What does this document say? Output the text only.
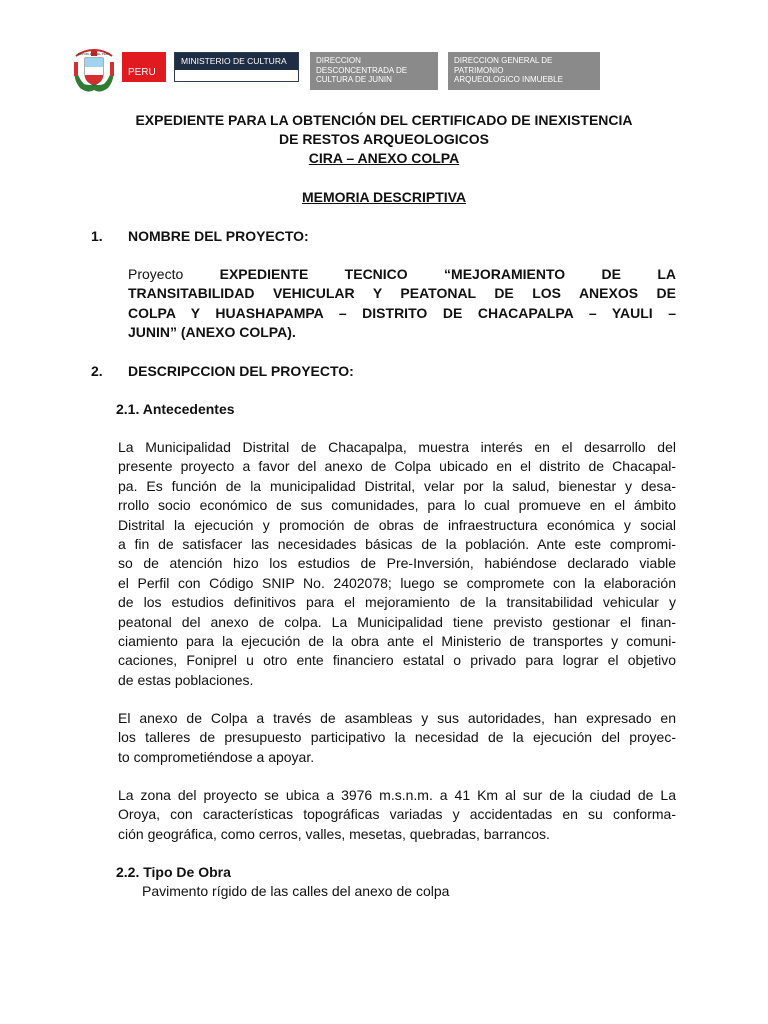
REPUBLICA DEL PERU
PERU
MINISTERIO DE CULTURA	DIRECCION
DESCONCENTRADA DE
CULTURA DE JUNIN
DIRECCION GENERAL DE
PATRIMONIO
ARQUEOLOGICO INMUEBLE
EXPEDIENTE PARA LA OBTENCIÓN DEL CERTIFICADO DE INEXISTENCIA
DE RESTOS ARQUEOLOGICOS
CIRA – ANEXO COLPA
MEMORIA DESCRIPTIVA
1. NOMBRE DEL PROYECTO:
Proyecto	EXPEDIENTE TECNICO “MEJORAMIENTO DE LA
TRANSITABILIDAD VEHICULAR Y PEATONAL DE LOS ANEXOS DE
COLPA Y HUASHAPAMPA – DISTRITO DE CHACAPALPA – YAULI –
JUNIN” (ANEXO COLPA).
2. DESCRIPCCION DEL PROYECTO:
2.1. Antecedentes
La Municipalidad Distrital de Chacapalpa, muestra interés en el desarrollo del
presente proyecto a favor del anexo de Colpa ubicado en el distrito de Chacapal-
pa. Es función de la municipalidad Distrital, velar por la salud, bienestar y desa-
rrollo socio económico de sus comunidades, para lo cual promueve en el ámbito
Distrital la ejecución y promoción de obras de infraestructura económica y social
a fin de satisfacer las necesidades básicas de la población. Ante este compromi-
so de atención hizo los estudios de Pre-Inversión, habiéndose declarado viable
el Perfil con Código SNIP No. 2402078; luego se compromete con la elaboración
de los estudios definitivos para el mejoramiento de la transitabilidad vehicular y
peatonal del anexo de colpa. La Municipalidad tiene previsto gestionar el finan-
ciamiento para la ejecución de la obra ante el Ministerio de transportes y comuni-
caciones, Foniprel u otro ente financiero estatal o privado para lograr el objetivo
de estas poblaciones.
El anexo de Colpa a través de asambleas y sus autoridades, han expresado en
los talleres de presupuesto participativo la necesidad de la ejecución del proyec-
to comprometiéndose a apoyar.
La zona del proyecto se ubica a 3976 m.s.n.m. a 41 Km al sur de la ciudad de La
Oroya, con características topográficas variadas y accidentadas en su conforma-
ción geográfica, como cerros, valles, mesetas, quebradas, barrancos.
2.2. Tipo De Obra
Pavimento rígido de las calles del anexo de colpa
